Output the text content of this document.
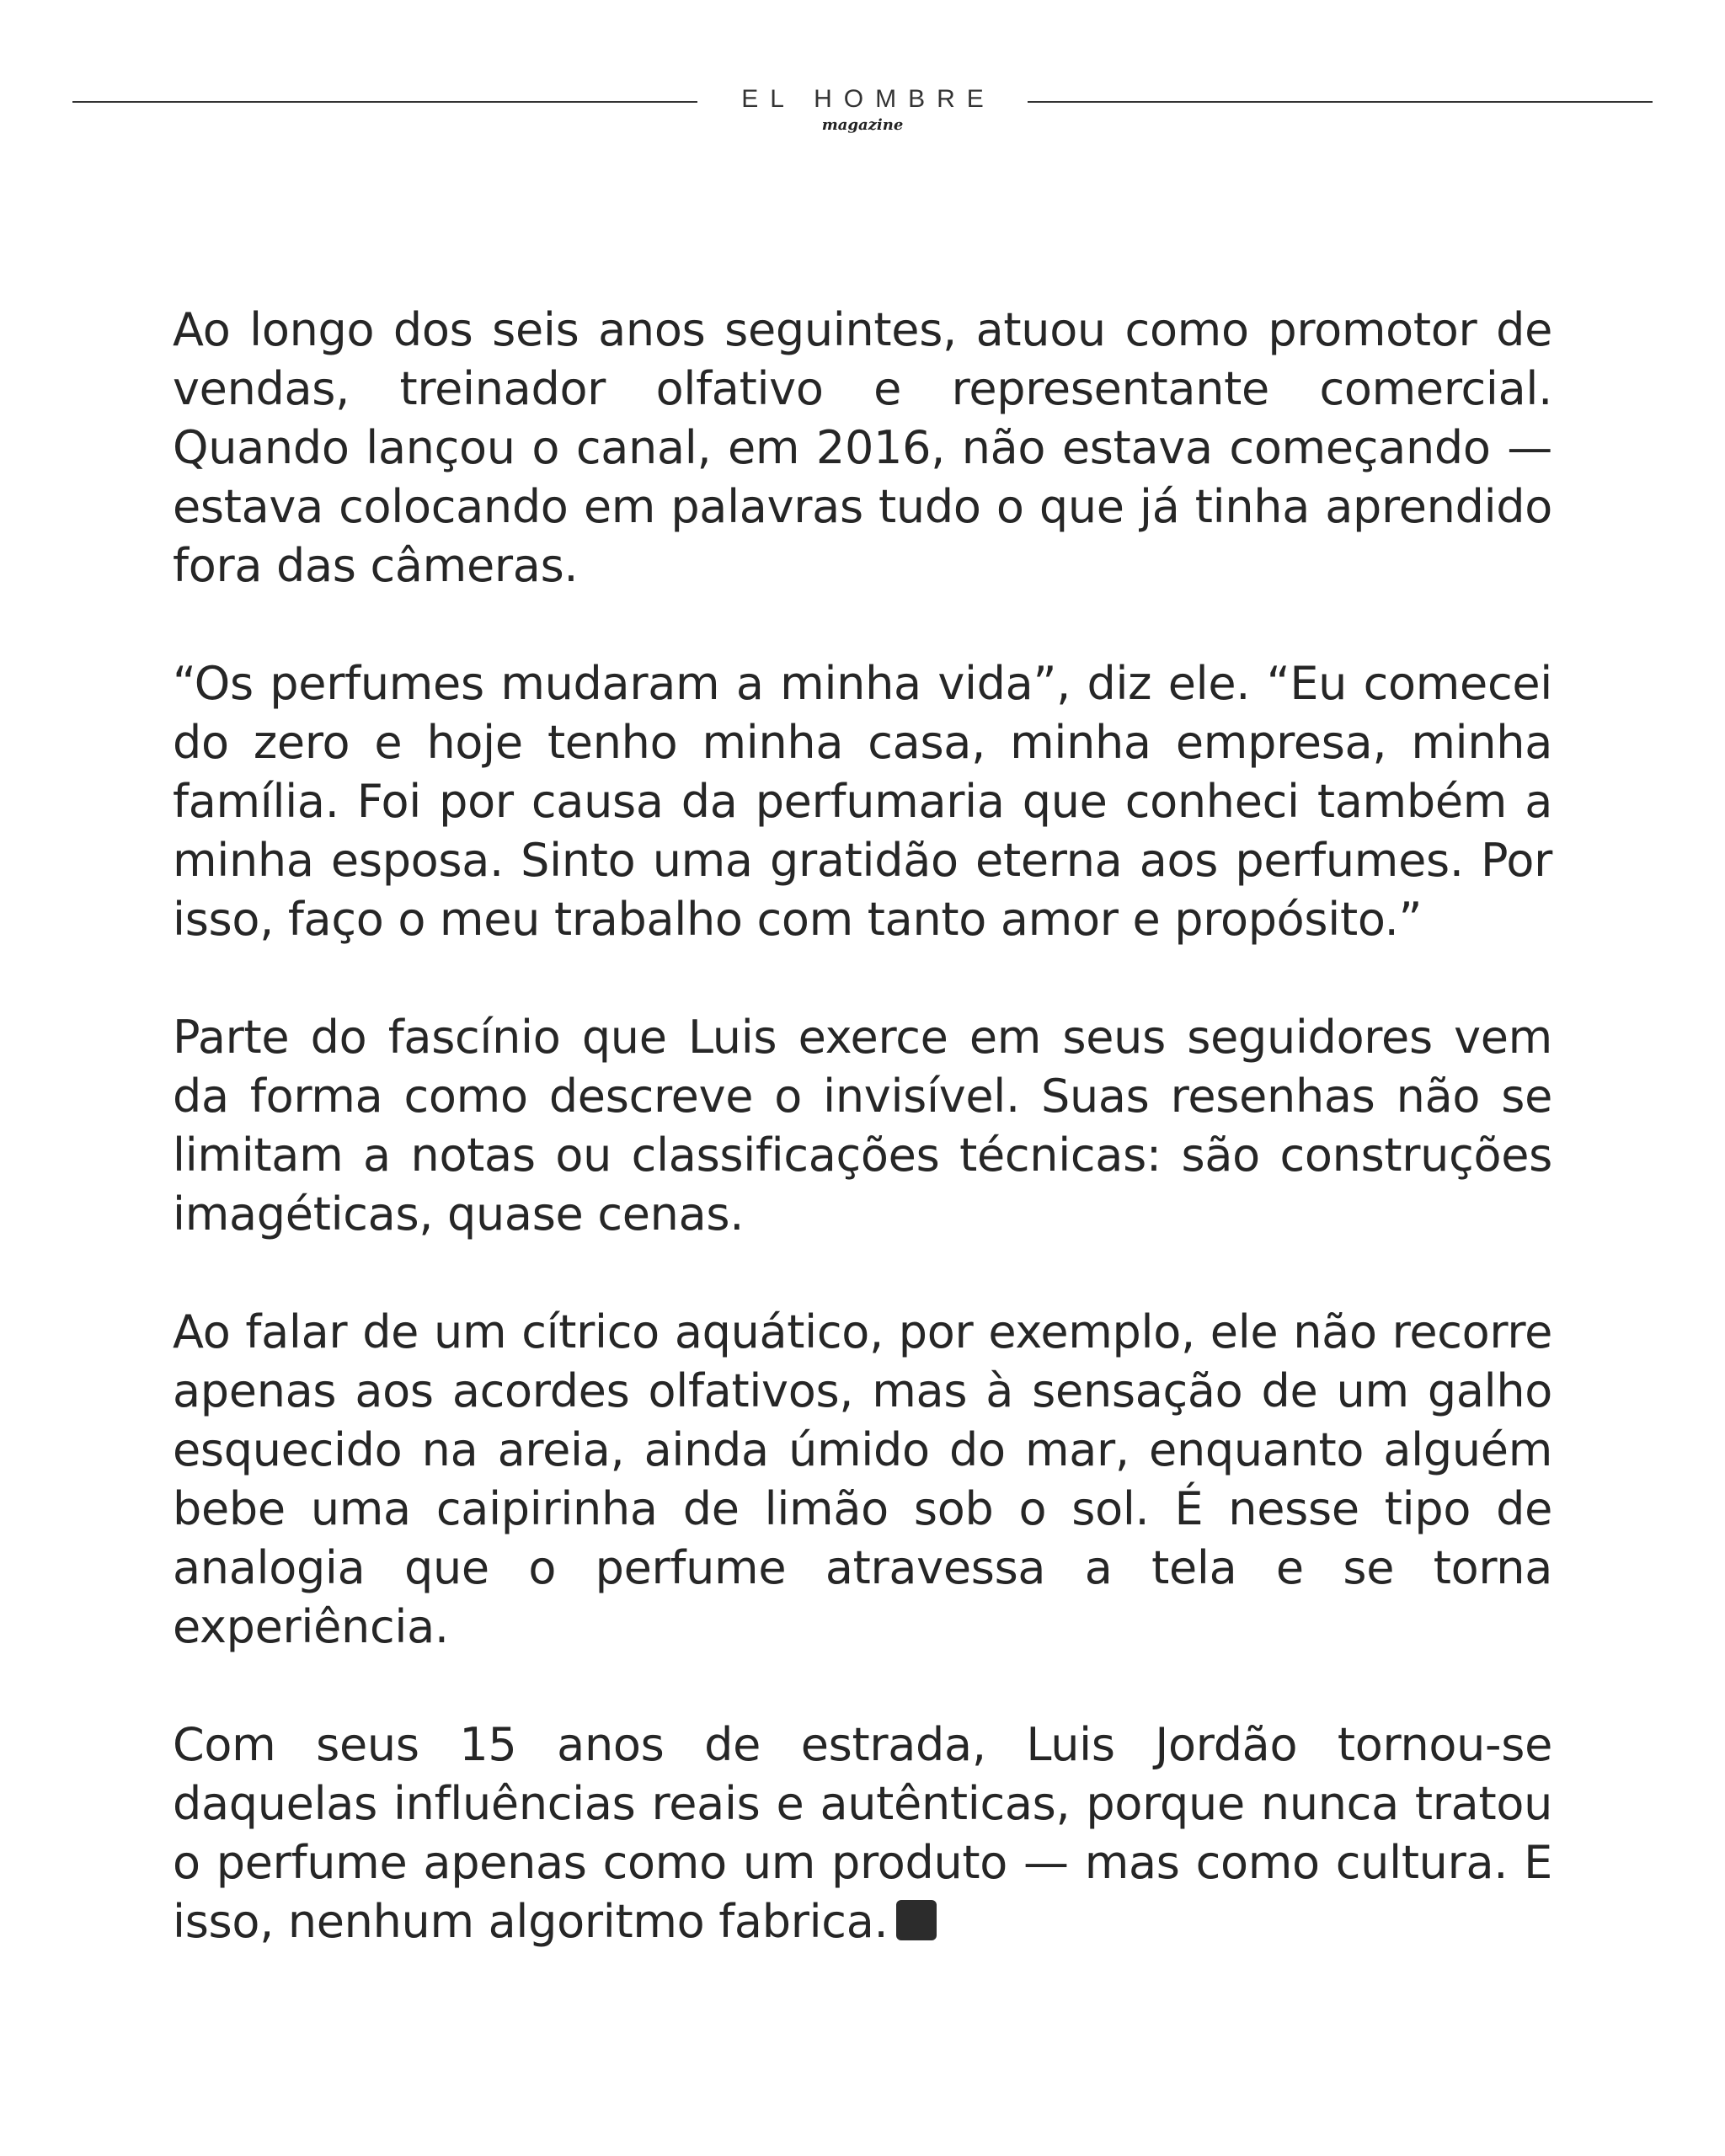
EL HOMBRE
magazine

Ao longo dos seis anos seguintes, atuou como promotor de vendas, treinador olfativo e representante comercial. Quando lançou o canal, em 2016, não estava começando — estava colocando em palavras tudo o que já tinha aprendido fora das câmeras.

“Os perfumes mudaram a minha vida”, diz ele. “Eu comecei do zero e hoje tenho minha casa, minha empresa, minha família. Foi por causa da perfumaria que conheci também a minha esposa. Sinto uma gratidão eterna aos perfumes. Por isso, faço o meu trabalho com tanto amor e propósito.”

Parte do fascínio que Luis exerce em seus seguidores vem da forma como descreve o invisível. Suas resenhas não se limitam a notas ou classificações técnicas: são construções imagéticas, quase cenas.

Ao falar de um cítrico aquático, por exemplo, ele não recorre apenas aos acordes olfativos, mas à sensação de um galho esquecido na areia, ainda úmido do mar, enquanto alguém bebe uma caipirinha de limão sob o sol. É nesse tipo de analogia que o perfume atravessa a tela e se torna experiência.

Com seus 15 anos de estrada, Luis Jordão tornou-se daquelas influências reais e autênticas, porque nunca tratou o perfume apenas como um produto — mas como cultura. E isso, nenhum algoritmo fabrica.
